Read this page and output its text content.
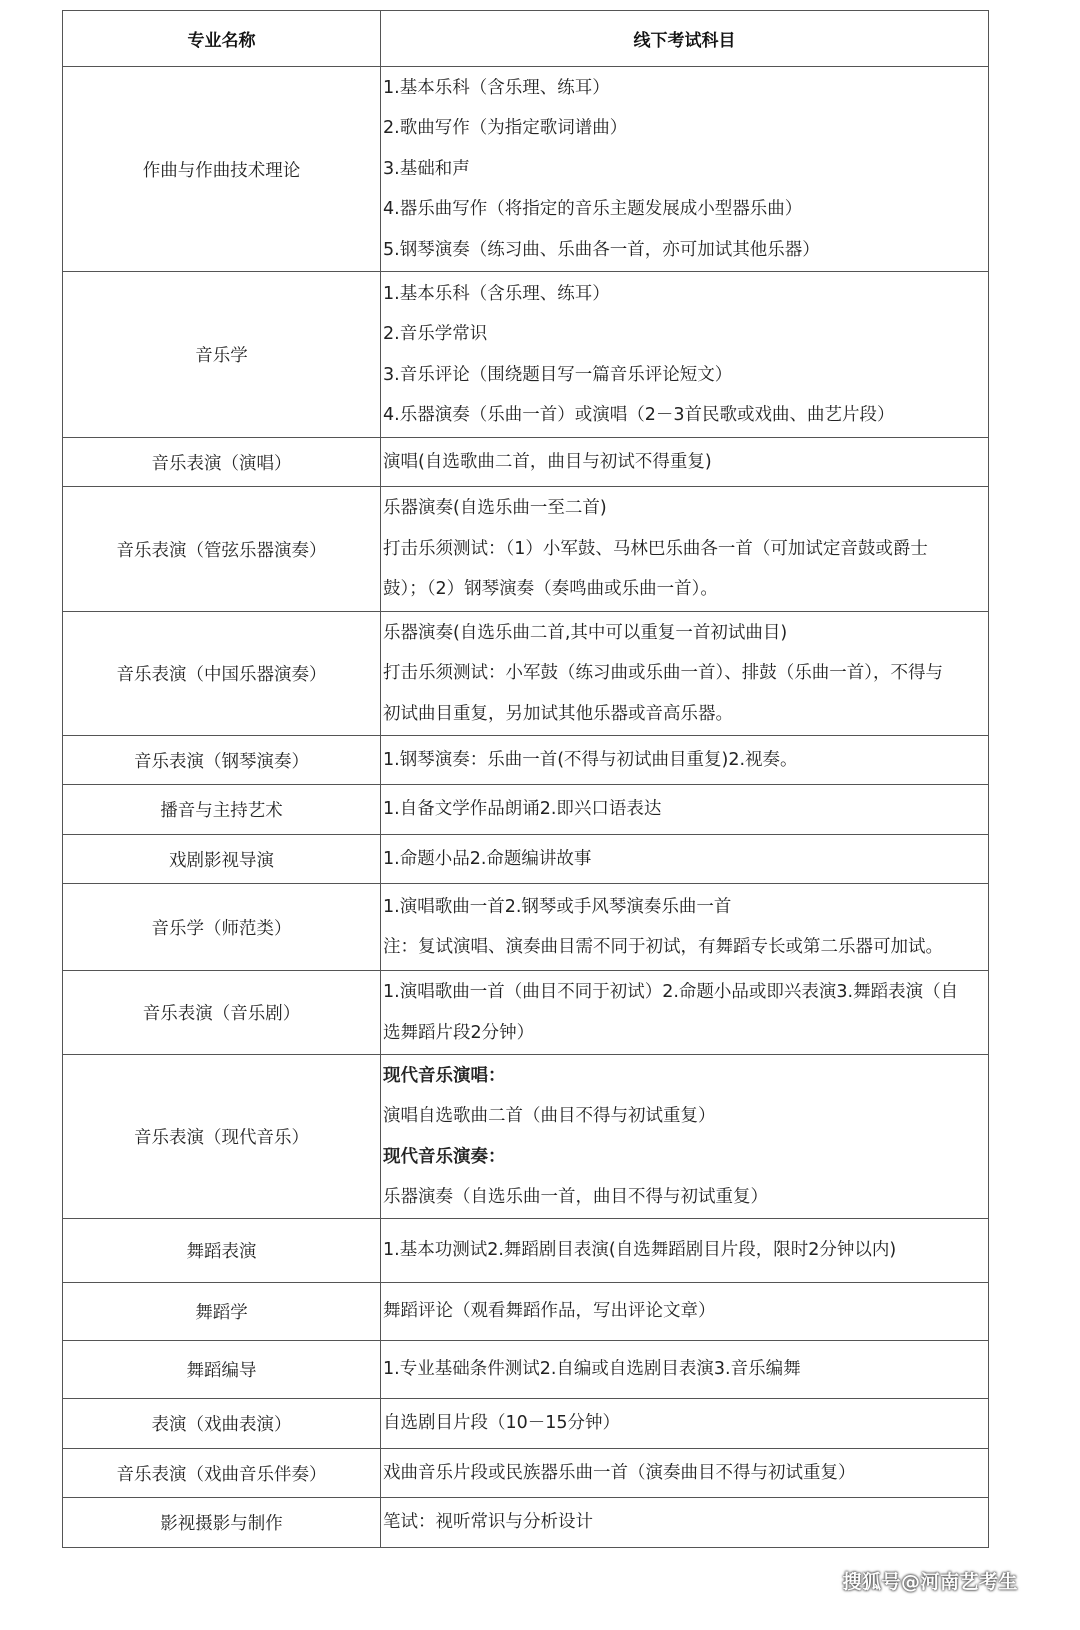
专业名称	线下考试科目
作曲与作曲技术理论	1.基本乐科（含乐理、练耳）
2.歌曲写作（为指定歌词谱曲）
3.基础和声
4.器乐曲写作（将指定的音乐主题发展成小型器乐曲）
5.钢琴演奏（练习曲、乐曲各一首，亦可加试其他乐器）

音乐学	1.基本乐科（含乐理、练耳）
2.音乐学常识
3.音乐评论（围绕题目写一篇音乐评论短文）
4.乐器演奏（乐曲一首）或演唱（2－3首民歌或戏曲、曲艺片段）

音乐表演（演唱）	演唱(自选歌曲二首，曲目与初试不得重复)

音乐表演（管弦乐器演奏）	乐器演奏(自选乐曲一至二首)
打击乐须测试：（1）小军鼓、马林巴乐曲各一首（可加试定音鼓或爵士
鼓）；（2）钢琴演奏（奏鸣曲或乐曲一首）。

音乐表演（中国乐器演奏）	乐器演奏(自选乐曲二首,其中可以重复一首初试曲目)
打击乐须测试：小军鼓（练习曲或乐曲一首）、排鼓（乐曲一首），不得与
初试曲目重复，另加试其他乐器或音高乐器。

音乐表演（钢琴演奏）	1.钢琴演奏：乐曲一首(不得与初试曲目重复)2.视奏。

播音与主持艺术	1.自备文学作品朗诵2.即兴口语表达

戏剧影视导演	1.命题小品2.命题编讲故事

音乐学（师范类）	1.演唱歌曲一首2.钢琴或手风琴演奏乐曲一首
注：复试演唱、演奏曲目需不同于初试，有舞蹈专长或第二乐器可加试。

音乐表演（音乐剧）	1.演唱歌曲一首（曲目不同于初试）2.命题小品或即兴表演3.舞蹈表演（自
选舞蹈片段2分钟）

音乐表演（现代音乐）	现代音乐演唱：
演唱自选歌曲二首（曲目不得与初试重复）
现代音乐演奏：
乐器演奏（自选乐曲一首，曲目不得与初试重复）

舞蹈表演	1.基本功测试2.舞蹈剧目表演(自选舞蹈剧目片段，限时2分钟以内)

舞蹈学	舞蹈评论（观看舞蹈作品，写出评论文章）

舞蹈编导	1.专业基础条件测试2.自编或自选剧目表演3.音乐编舞

表演（戏曲表演）	自选剧目片段（10－15分钟）

音乐表演（戏曲音乐伴奏）	戏曲音乐片段或民族器乐曲一首（演奏曲目不得与初试重复）

影视摄影与制作	笔试：视听常识与分析设计
搜狐号@河南艺考生
